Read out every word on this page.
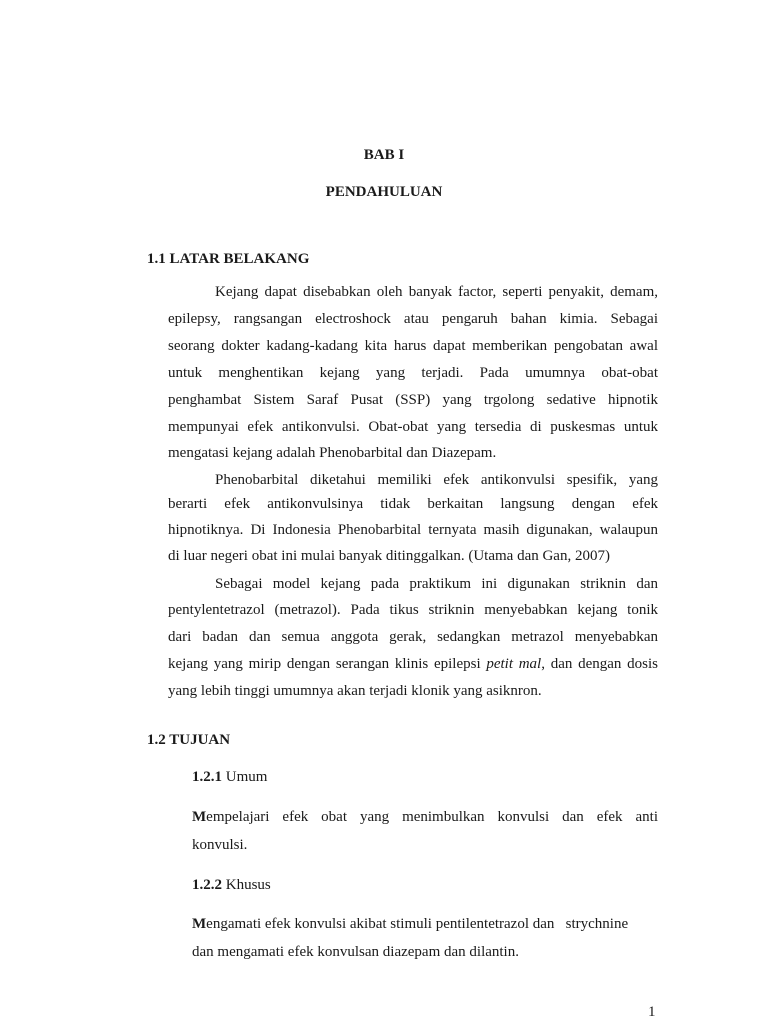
BAB I
PENDAHULUAN
1.1 LATAR BELAKANG
Kejang dapat disebabkan oleh banyak factor, seperti penyakit, demam,
epilepsy, rangsangan electroshock atau pengaruh bahan kimia. Sebagai
seorang dokter kadang-kadang kita harus dapat memberikan pengobatan awal
untuk menghentikan kejang yang terjadi. Pada umumnya obat-obat
penghambat Sistem Saraf Pusat (SSP) yang trgolong sedative hipnotik
mempunyai efek antikonvulsi. Obat-obat yang tersedia di puskesmas untuk
mengatasi kejang adalah Phenobarbital dan Diazepam.
Phenobarbital diketahui memiliki efek antikonvulsi spesifik, yang
berarti efek antikonvulsinya tidak berkaitan langsung dengan efek
hipnotiknya. Di Indonesia Phenobarbital ternyata masih digunakan, walaupun
di luar negeri obat ini mulai banyak ditinggalkan. (Utama dan Gan, 2007)
Sebagai model kejang pada praktikum ini digunakan striknin dan
pentylentetrazol (metrazol). Pada tikus striknin menyebabkan kejang tonik
dari badan dan semua anggota gerak, sedangkan metrazol menyebabkan
kejang yang mirip dengan serangan klinis epilepsi petit mal, dan dengan dosis
yang lebih tinggi umumnya akan terjadi klonik yang asiknron.
1.2 TUJUAN
1.2.1 Umum
Mempelajari efek obat yang menimbulkan konvulsi dan efek anti
konvulsi.
1.2.2 Khusus
Mengamati efek konvulsi akibat stimuli pentilentetrazol dan   strychnine
dan mengamati efek konvulsan diazepam dan dilantin.
1
